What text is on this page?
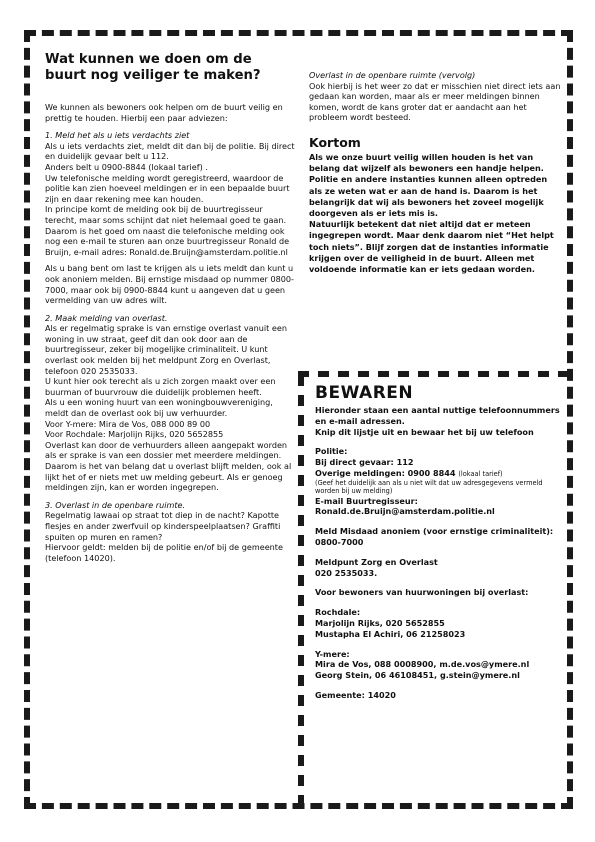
Wat kunnen we doen om de buurt nog veiliger te maken?

We kunnen als bewoners ook helpen om de buurt veilig en prettig te houden. Hierbij een paar adviezen:

1. Meld het als u iets verdachts ziet

Als u iets verdachts ziet, meldt dit dan bij de politie. Bij direct en duidelijk gevaar belt u 112.

Anders belt u 0900-8844 (lokaal tarief) .

Uw telefonische melding wordt geregistreerd, waardoor de politie kan zien hoeveel meldingen er in een bepaalde buurt zijn en daar rekening mee kan houden.

In principe komt de melding ook bij de buurtregisseur terecht, maar soms schijnt dat niet helemaal goed te gaan.

Daarom is het goed om naast die telefonische melding ook nog een e-mail te sturen aan onze buurtregisseur Ronald de Bruijn, e-mail adres: Ronald.de.Bruijn@amsterdam.politie.nl

Als u bang bent om last te krijgen als u iets meldt dan kunt u ook anoniem melden. Bij ernstige misdaad op nummer 0800-7000, maar ook bij 0900-8844 kunt u aangeven dat u geen vermelding van uw adres wilt.

2. Maak melding van overlast.

Als er regelmatig sprake is van ernstige overlast vanuit een woning in uw straat, geef dit dan ook door aan de buurtregisseur, zeker bij mogelijke criminaliteit. U kunt overlast ook melden bij het meldpunt Zorg en Overlast, telefoon 020 2535033.

U kunt hier ook terecht als u zich zorgen maakt over een buurman of buurvrouw die duidelijk problemen heeft.

Als u een woning huurt van een woningbouwvereniging, meldt dan de overlast ook bij uw verhuurder.

Voor Y-mere: Mira de Vos, 088 000 89 00

Voor Rochdale: Marjolijn Rijks, 020 5652855

Overlast kan door de verhuurders alleen aangepakt worden als er sprake is van een dossier met meerdere meldingen. Daarom is het van belang dat u overlast blijft melden, ook al lijkt het of er niets met uw melding gebeurt. Als er genoeg meldingen zijn, kan er worden ingegrepen.

3. Overlast in de openbare ruimte.

Regelmatig lawaai op straat tot diep in de nacht? Kapotte flesjes en ander zwerfvuil op kinderspeelplaatsen? Graffiti spuiten op muren en ramen?

Hiervoor geldt: melden bij de politie en/of bij de gemeente (telefoon 14020).

Overlast in de openbare ruimte (vervolg)

Ook hierbij is het weer zo dat er misschien niet direct iets aan gedaan kan worden, maar als er meer meldingen binnen komen, wordt de kans groter dat er aandacht aan het probleem wordt besteed.

Kortom

Als we onze buurt veilig willen houden is het van belang dat wijzelf als bewoners een handje helpen.

Politie en andere instanties kunnen alleen optreden als ze weten wat er aan de hand is. Daarom is het belangrijk dat wij als bewoners het zoveel mogelijk doorgeven als er iets mis is.

Natuurlijk betekent dat niet altijd dat er meteen ingegrepen wordt. Maar denk daarom niet “Het helpt toch niets”. Blijf zorgen dat de instanties informatie krijgen over de veiligheid in de buurt. Alleen met voldoende informatie kan er iets gedaan worden.

BEWAREN

Hieronder staan een aantal nuttige telefoonnummers en e-mail adressen.

Knip dit lijstje uit en bewaar het bij uw telefoon

Politie:

Bij direct gevaar: 112

Overige meldingen: 0900 8844 (lokaal tarief)

(Geef het duidelijk aan als u niet wilt dat uw adresgegevens vermeld worden bij uw melding)

E-mail Buurtregisseur:

Ronald.de.Bruijn@amsterdam.politie.nl

Meld Misdaad anoniem (voor ernstige criminaliteit): 0800-7000

Meldpunt Zorg en Overlast

020 2535033.

Voor bewoners van huurwoningen bij overlast:

Rochdale:

Marjolijn Rijks, 020 5652855

Mustapha El Achiri, 06 21258023

Y-mere:

Mira de Vos, 088 0008900, m.de.vos@ymere.nl

Georg Stein, 06 46108451, g.stein@ymere.nl

Gemeente: 14020
